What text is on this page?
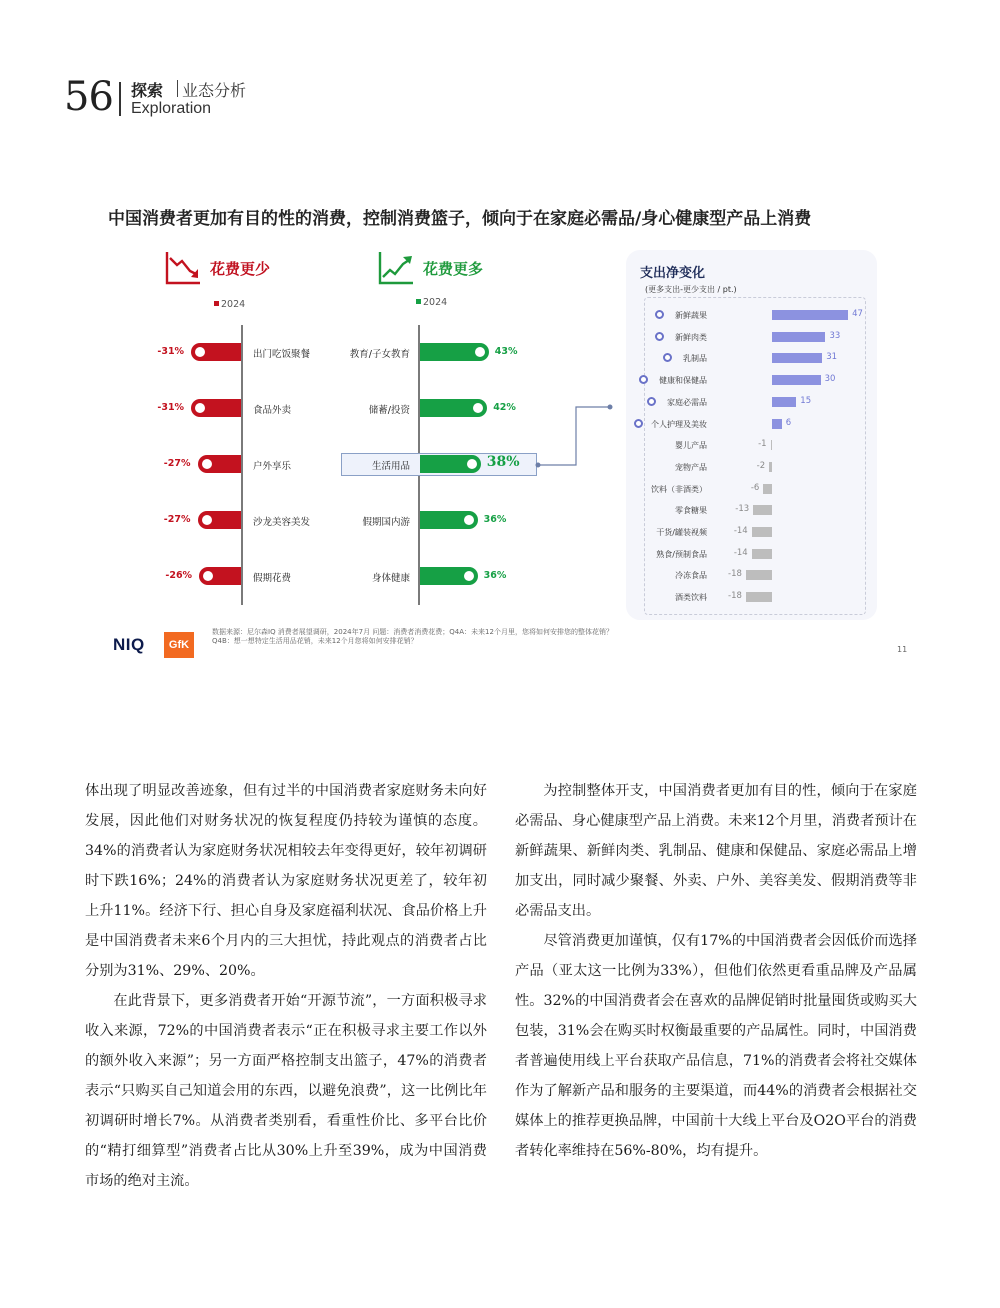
56 探索 业态分析
Exploration
中国消费者更加有目的性的消费，控制消费篮子，倾向于在家庭必需品/身心健康型产品上消费
花费更少
2024
花费更多
2024
-31%	出门吃饭聚餐
-31%	食品外卖
-27%	户外享乐
-27%	沙龙美容美发
-26%	假期花费
教育/子女教育	43%
储蓄/投资	42%
生活用品	38%
假期国内游	36%
身体健康	36%
支出净变化
(更多支出-更少支出 / pt.)
新鲜蔬果	47
新鲜肉类	33
乳制品	31
健康和保健品	30
家庭必需品	15
个人护理及美妆	6
婴儿产品	-1
宠物产品	-2
饮料（非酒类）	-6
零食糖果	-13
干货/罐装视频	-14
熟食/预制食品	-14
冷冻食品 -18
酒类饮料 -18
NIQ	GfK
数据来源：尼尔森IQ 消费者展望调研，2024年7月 问题：消费者消费花费；Q4A：未来12个月里，您将如何安排您的整体花销？Q4B：想一想特定生活用品花销，未来12个月您将如何安排花销？
11

体出现了明显改善迹象，但有过半的中国消费者家庭财务未向好发展，因此他们对财务状况的恢复程度仍持较为谨慎的态度。34%的消费者认为家庭财务状况相较去年变得更好，较年初调研时下跌16%；24%的消费者认为家庭财务状况更差了，较年初上升11%。经济下行、担心自身及家庭福利状况、食品价格上升是中国消费者未来6个月内的三大担忧，持此观点的消费者占比分别为31%、29%、20%。

在此背景下，更多消费者开始“开源节流”，一方面积极寻求收入来源，72%的中国消费者表示“正在积极寻求主要工作以外的额外收入来源”；另一方面严格控制支出篮子，47%的消费者表示“只购买自己知道会用的东西，以避免浪费”，这一比例比年初调研时增长7%。从消费者类别看，看重性价比、多平台比价的“精打细算型”消费者占比从30%上升至39%，成为中国消费市场的绝对主流。

为控制整体开支，中国消费者更加有目的性，倾向于在家庭必需品、身心健康型产品上消费。未来12个月里，消费者预计在新鲜蔬果、新鲜肉类、乳制品、健康和保健品、家庭必需品上增加支出，同时减少聚餐、外卖、户外、美容美发、假期消费等非必需品支出。

尽管消费更加谨慎，仅有17%的中国消费者会因低价而选择产品（亚太这一比例为33%），但他们依然更看重品牌及产品属性。32%的中国消费者会在喜欢的品牌促销时批量囤货或购买大包装，31%会在购买时权衡最重要的产品属性。同时，中国消费者普遍使用线上平台获取产品信息，71%的消费者会将社交媒体作为了解新产品和服务的主要渠道，而44%的消费者会根据社交媒体上的推荐更换品牌，中国前十大线上平台及O2O平台的消费者转化率维持在56%-80%，均有提升。
